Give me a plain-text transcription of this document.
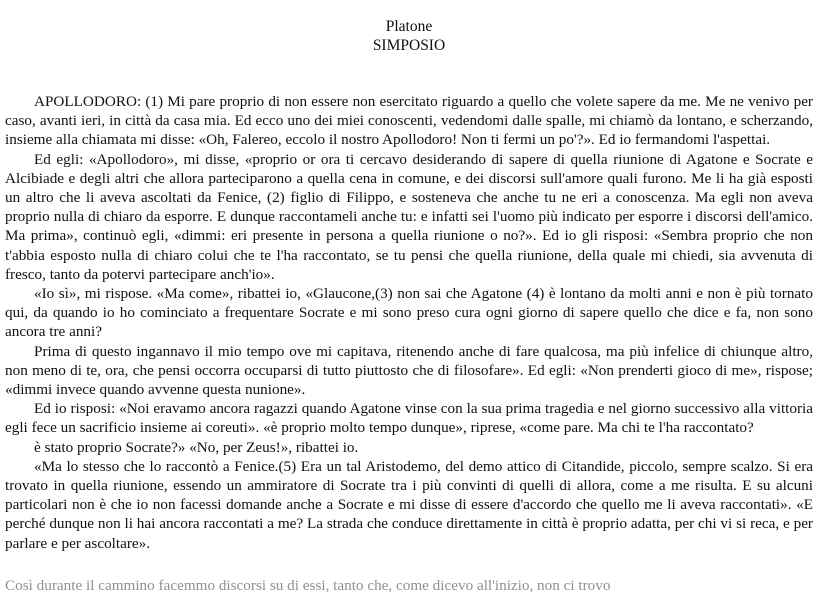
Platone
SIMPOSIO

APOLLODORO: (1) Mi pare proprio di non essere non esercitato riguardo a quello che volete sapere da me. Me ne venivo per caso, avanti ieri, in città da casa mia. Ed ecco uno dei miei conoscenti, vedendomi dalle spalle, mi chiamò da lontano, e scherzando, insieme alla chiamata mi disse: «Oh, Falereo, eccolo il nostro Apollodoro! Non ti fermi un po'?». Ed io fermandomi l'aspettai.

Ed egli: «Apollodoro», mi disse, «proprio or ora ti cercavo desiderando di sapere di quella riunione di Agatone e Socrate e Alcibiade e degli altri che allora parteciparono a quella cena in comune, e dei discorsi sull'amore quali furono. Me li ha già esposti un altro che li aveva ascoltati da Fenice, (2) figlio di Filippo, e sosteneva che anche tu ne eri a conoscenza. Ma egli non aveva proprio nulla di chiaro da esporre. E dunque raccontameli anche tu: e infatti sei l'uomo più indicato per esporre i discorsi dell'amico. Ma prima», continuò egli, «dimmi: eri presente in persona a quella riunione o no?». Ed io gli risposi: «Sembra proprio che non t'abbia esposto nulla di chiaro colui che te l'ha raccontato, se tu pensi che quella riunione, della quale mi chiedi, sia avvenuta di fresco, tanto da potervi partecipare anch'io».

«Io sì», mi rispose. «Ma come», ribattei io, «Glaucone,(3) non sai che Agatone (4) è lontano da molti anni e non è più tornato qui, da quando io ho cominciato a frequentare Socrate e mi sono preso cura ogni giorno di sapere quello che dice e fa, non sono ancora tre anni?

Prima di questo ingannavo il mio tempo ove mi capitava, ritenendo anche di fare qualcosa, ma più infelice di chiunque altro, non meno di te, ora, che pensi occorra occuparsi di tutto piuttosto che di filosofare». Ed egli: «Non prenderti gioco di me», rispose; «dimmi invece quando avvenne questa nunione».

Ed io risposi: «Noi eravamo ancora ragazzi quando Agatone vinse con la sua prima tragedia e nel giorno successivo alla vittoria egli fece un sacrificio insieme ai coreuti». «è proprio molto tempo dunque», riprese, «come pare. Ma chi te l'ha raccontato?

è stato proprio Socrate?» «No, per Zeus!», ribattei io.

«Ma lo stesso che lo raccontò a Fenice.(5) Era un tal Aristodemo, del demo attico di Citandide, piccolo, sempre scalzo. Si era trovato in quella riunione, essendo un ammiratore di Socrate tra i più convinti di quelli di allora, come a me risulta. E su alcuni particolari non è che io non facessi domande anche a Socrate e mi disse di essere d'accordo che quello me li aveva raccontati». «E perché dunque non li hai ancora raccontati a me? La strada che conduce direttamente in città è proprio adatta, per chi vi si reca, e per parlare e per ascoltare».

Così durante il cammino facemmo discorsi su di essi, tanto che, come dicevo all'inizio, non ci trovo
